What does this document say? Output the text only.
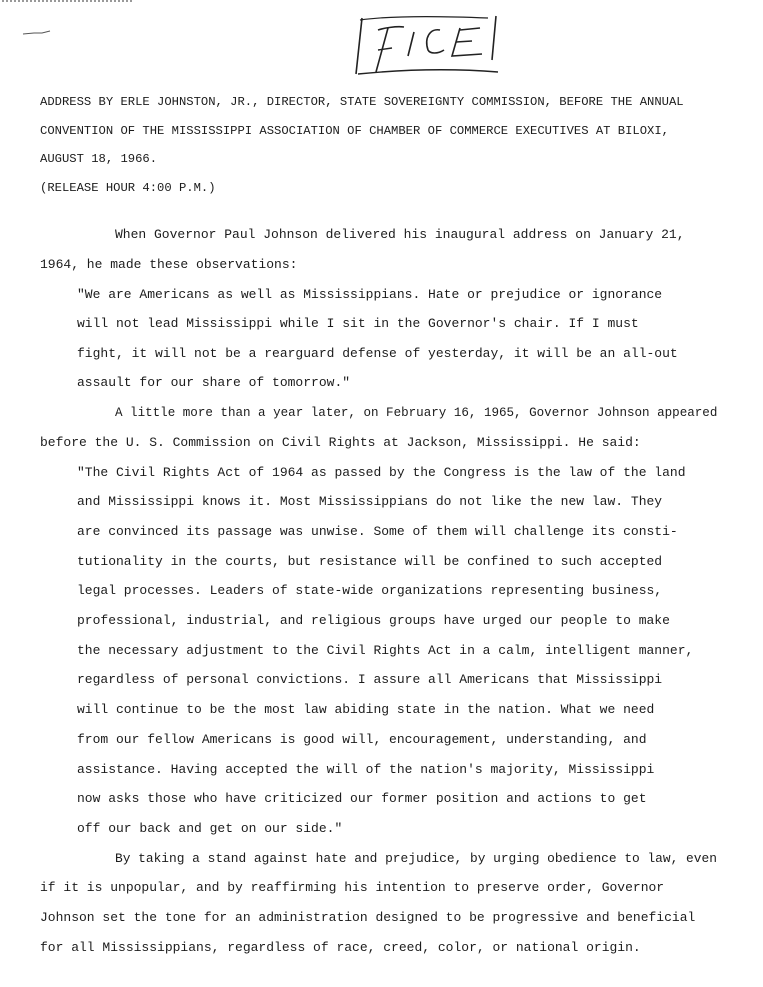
ADDRESS BY ERLE JOHNSTON, JR., DIRECTOR, STATE SOVEREIGNTY COMMISSION, BEFORE THE ANNUAL
CONVENTION OF THE MISSISSIPPI ASSOCIATION OF CHAMBER OF COMMERCE EXECUTIVES AT BILOXI,
AUGUST 18, 1966.
(RELEASE HOUR 4:00 P.M.)
When Governor Paul Johnson delivered his inaugural address on January 21,
1964, he made these observations:
"We are Americans as well as Mississippians. Hate or prejudice or ignorance
will not lead Mississippi while I sit in the Governor's chair. If I must
fight, it will not be a rearguard defense of yesterday, it will be an all-out
assault for our share of tomorrow."
A little more than a year later, on February 16, 1965, Governor Johnson appeared
before the U. S. Commission on Civil Rights at Jackson, Mississippi. He said:
"The Civil Rights Act of 1964 as passed by the Congress is the law of the land
and Mississippi knows it. Most Mississippians do not like the new law. They
are convinced its passage was unwise. Some of them will challenge its consti-
tutionality in the courts, but resistance will be confined to such accepted
legal processes. Leaders of state-wide organizations representing business,
professional, industrial, and religious groups have urged our people to make
the necessary adjustment to the Civil Rights Act in a calm, intelligent manner,
regardless of personal convictions. I assure all Americans that Mississippi
will continue to be the most law abiding state in the nation. What we need
from our fellow Americans is good will, encouragement, understanding, and
assistance. Having accepted the will of the nation's majority, Mississippi
now asks those who have criticized our former position and actions to get
off our back and get on our side."
By taking a stand against hate and prejudice, by urging obedience to law, even
if it is unpopular, and by reaffirming his intention to preserve order, Governor
Johnson set the tone for an administration designed to be progressive and beneficial
for all Mississippians, regardless of race, creed, color, or national origin.
